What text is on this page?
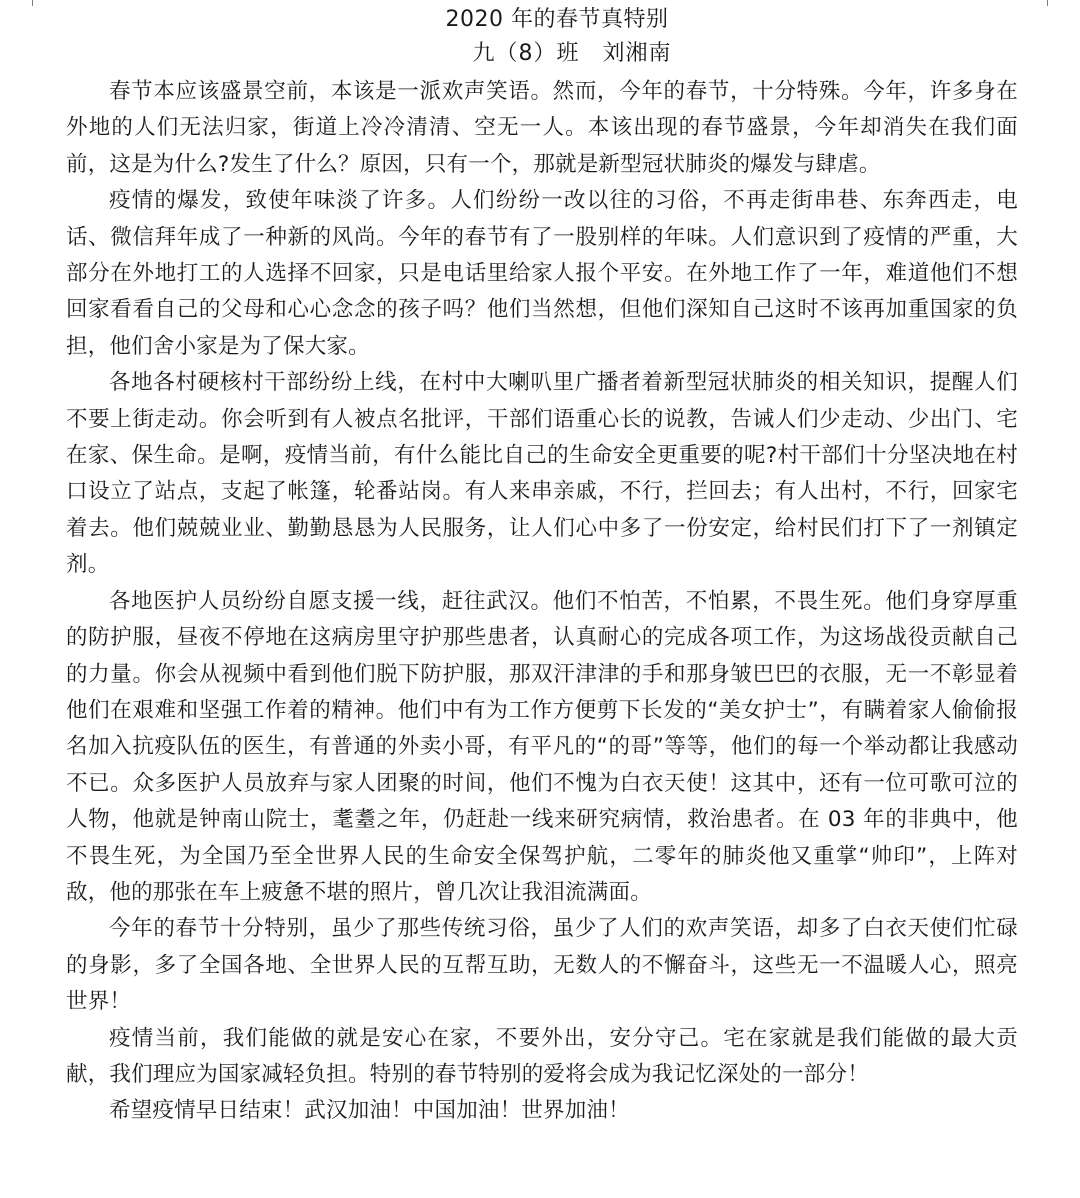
2020 年的春节真特别
九（8）班　刘湘南

春节本应该盛景空前，本该是一派欢声笑语。然而，今年的春节，十分特殊。今年，许多身在外地的人们无法归家，街道上冷冷清清、空无一人。本该出现的春节盛景，今年却消失在我们面前，这是为什么?发生了什么？原因，只有一个，那就是新型冠状肺炎的爆发与肆虐。

疫情的爆发，致使年味淡了许多。人们纷纷一改以往的习俗，不再走街串巷、东奔西走，电话、微信拜年成了一种新的风尚。今年的春节有了一股别样的年味。人们意识到了疫情的严重，大部分在外地打工的人选择不回家，只是电话里给家人报个平安。在外地工作了一年，难道他们不想回家看看自己的父母和心心念念的孩子吗？他们当然想，但他们深知自己这时不该再加重国家的负担，他们舍小家是为了保大家。

各地各村硬核村干部纷纷上线，在村中大喇叭里广播者着新型冠状肺炎的相关知识，提醒人们不要上街走动。你会听到有人被点名批评，干部们语重心长的说教，告诫人们少走动、少出门、宅在家、保生命。是啊，疫情当前，有什么能比自己的生命安全更重要的呢?村干部们十分坚决地在村口设立了站点，支起了帐篷，轮番站岗。有人来串亲戚，不行，拦回去；有人出村，不行，回家宅着去。他们兢兢业业、勤勤恳恳为人民服务，让人们心中多了一份安定，给村民们打下了一剂镇定剂。

各地医护人员纷纷自愿支援一线，赶往武汉。他们不怕苦，不怕累，不畏生死。他们身穿厚重的防护服，昼夜不停地在这病房里守护那些患者，认真耐心的完成各项工作，为这场战役贡献自己的力量。你会从视频中看到他们脱下防护服，那双汗津津的手和那身皱巴巴的衣服，无一不彰显着他们在艰难和坚强工作着的精神。他们中有为工作方便剪下长发的“美女护士”，有瞒着家人偷偷报名加入抗疫队伍的医生，有普通的外卖小哥，有平凡的“的哥”等等，他们的每一个举动都让我感动不已。众多医护人员放弃与家人团聚的时间，他们不愧为白衣天使！这其中，还有一位可歌可泣的人物，他就是钟南山院士，耄耋之年，仍赶赴一线来研究病情，救治患者。在 03 年的非典中，他不畏生死，为全国乃至全世界人民的生命安全保驾护航，二零年的肺炎他又重掌“帅印”，上阵对敌，他的那张在车上疲惫不堪的照片，曾几次让我泪流满面。

今年的春节十分特别，虽少了那些传统习俗，虽少了人们的欢声笑语，却多了白衣天使们忙碌的身影，多了全国各地、全世界人民的互帮互助，无数人的不懈奋斗，这些无一不温暖人心，照亮世界！

疫情当前，我们能做的就是安心在家，不要外出，安分守己。宅在家就是我们能做的最大贡献，我们理应为国家减轻负担。特别的春节特别的爱将会成为我记忆深处的一部分！

希望疫情早日结束！武汉加油！中国加油！世界加油！
